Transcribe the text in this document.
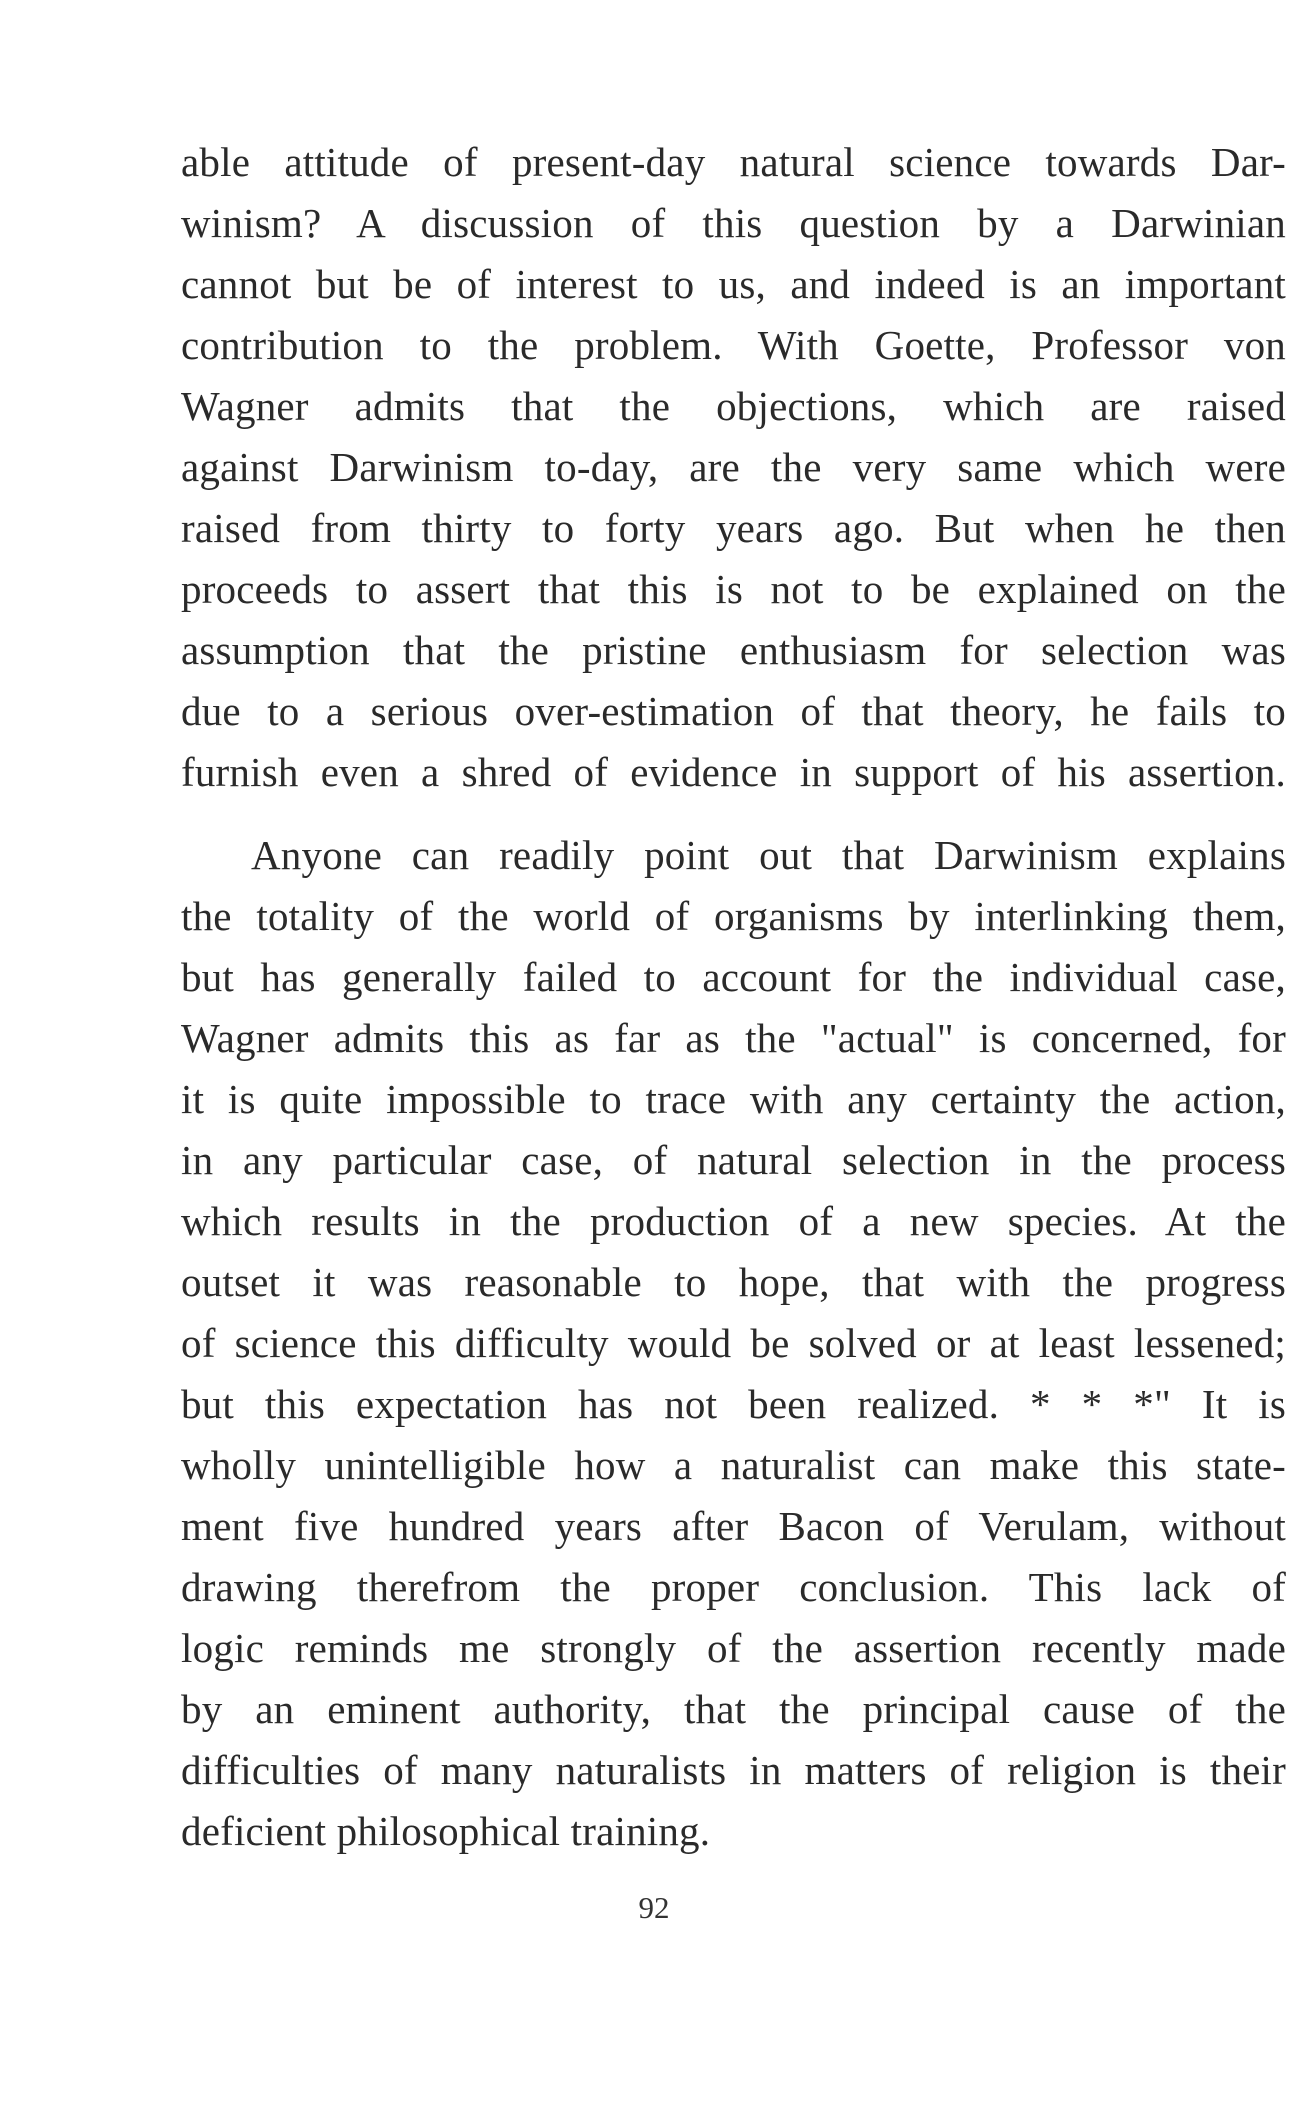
able attitude of present-day natural science towards Dar-
winism? A discussion of this question by a Darwinian
cannot but be of interest to us, and indeed is an important
contribution to the problem. With Goette, Professor von
Wagner admits that the objections, which are raised
against Darwinism to-day, are the very same which were
raised from thirty to forty years ago. But when he then
proceeds to assert that this is not to be explained on the
assumption that the pristine enthusiasm for selection was
due to a serious over-estimation of that theory, he fails to
furnish even a shred of evidence in support of his assertion.
Anyone can readily point out that Darwinism explains
the totality of the world of organisms by interlinking them,
but has generally failed to account for the individual case,
Wagner admits this as far as the "actual" is concerned, for
it is quite impossible to trace with any certainty the action,
in any particular case, of natural selection in the process
which results in the production of a new species. At the
outset it was reasonable to hope, that with the progress
of science this difficulty would be solved or at least lessened;
but this expectation has not been realized. * * *" It is
wholly unintelligible how a naturalist can make this state-
ment five hundred years after Bacon of Verulam, without
drawing therefrom the proper conclusion. This lack of
logic reminds me strongly of the assertion recently made
by an eminent authority, that the principal cause of the
difficulties of many naturalists in matters of religion is their
deficient philosophical training.
92
